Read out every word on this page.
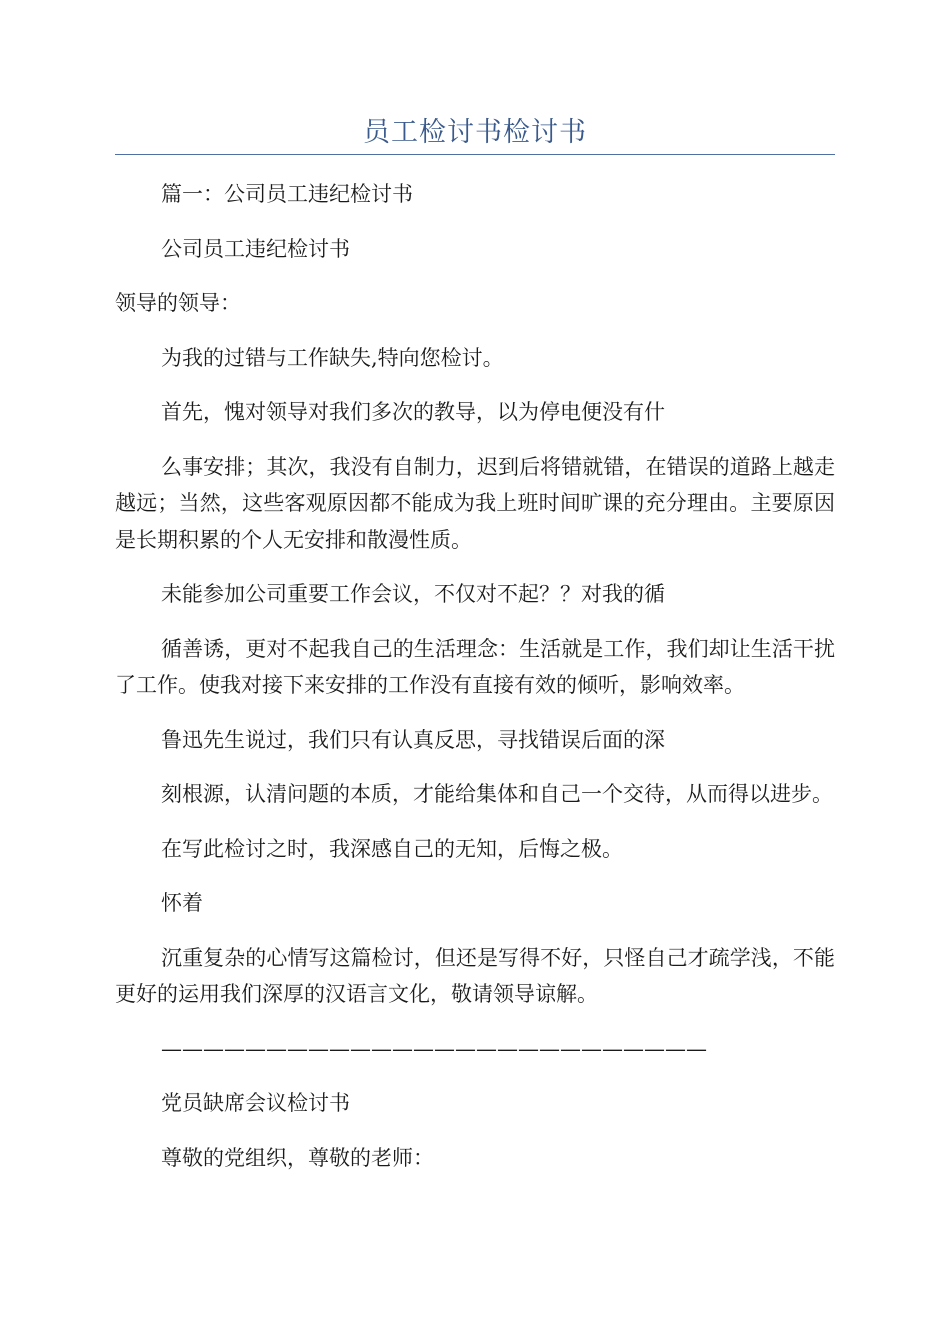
员工检讨书检讨书

篇一：公司员工违纪检讨书

公司员工违纪检讨书

领导的领导：

为我的过错与工作缺失,特向您检讨。

首先，愧对领导对我们多次的教导，以为停电便没有什

么事安排；其次，我没有自制力，迟到后将错就错，在错误的道路上越走越远；当然，这些客观原因都不能成为我上班时间旷课的充分理由。主要原因是长期积累的个人无安排和散漫性质。

未能参加公司重要工作会议，不仅对不起？？对我的循

循善诱，更对不起我自己的生活理念：生活就是工作，我们却让生活干扰了工作。使我对接下来安排的工作没有直接有效的倾听，影响效率。

鲁迅先生说过，我们只有认真反思，寻找错误后面的深

刻根源，认清问题的本质，才能给集体和自己一个交待，从而得以进步。

在写此检讨之时，我深感自己的无知，后悔之极。

怀着

沉重复杂的心情写这篇检讨，但还是写得不好，只怪自己才疏学浅，不能更好的运用我们深厚的汉语言文化，敬请领导谅解。

——————————————————————————

党员缺席会议检讨书

尊敬的党组织，尊敬的老师：
